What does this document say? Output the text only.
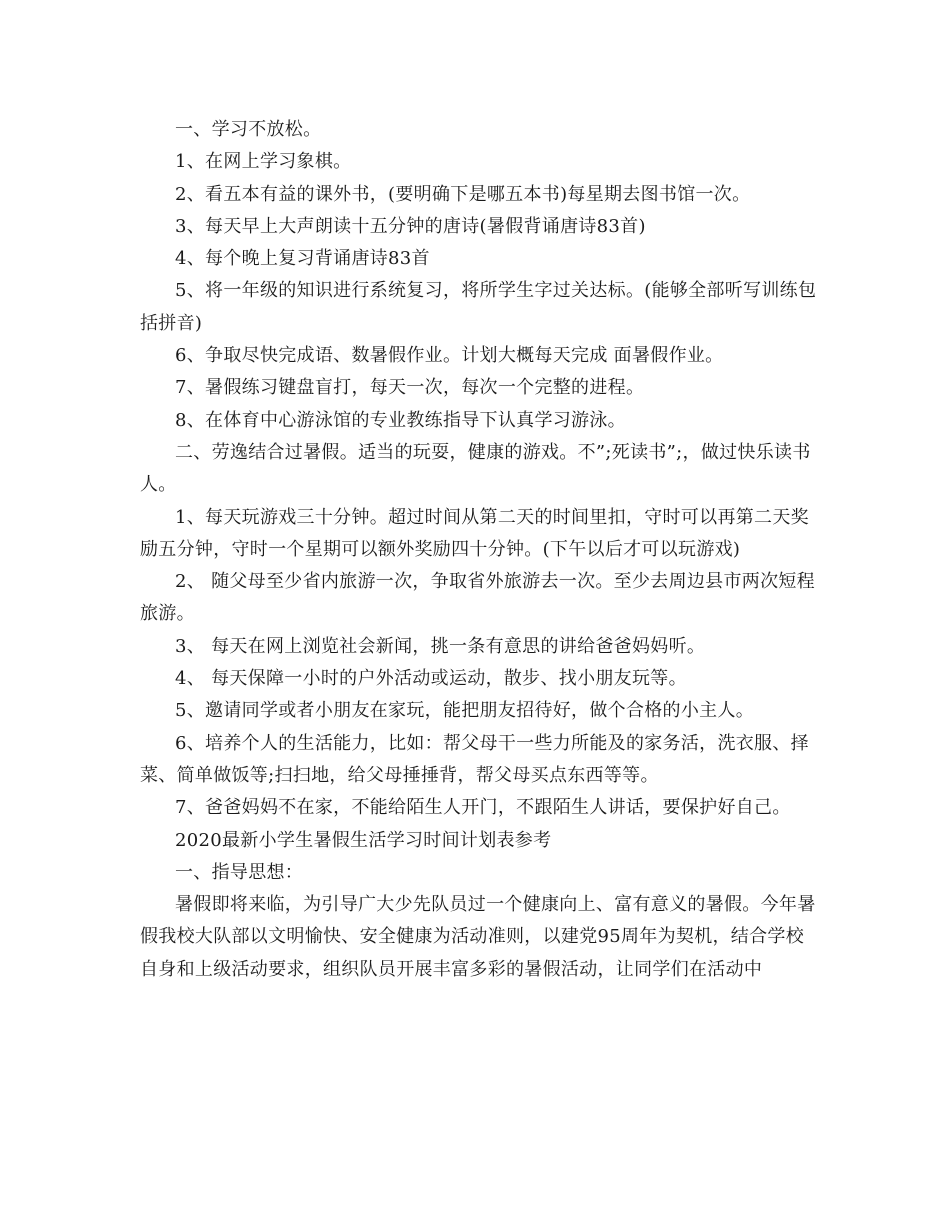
一、学习不放松。

1、在网上学习象棋。

2、看五本有益的课外书，(要明确下是哪五本书)每星期去图书馆一次。

3、每天早上大声朗读十五分钟的唐诗(暑假背诵唐诗83首)

4、每个晚上复习背诵唐诗83首

5、将一年级的知识进行系统复习，将所学生字过关达标。(能够全部听写训练包括拼音)

6、争取尽快完成语、数暑假作业。计划大概每天完成 面暑假作业。

7、暑假练习键盘盲打，每天一次，每次一个完整的进程。

8、在体育中心游泳馆的专业教练指导下认真学习游泳。

二、劳逸结合过暑假。适当的玩耍，健康的游戏。不”;死读书”;，做过快乐读书人。

1、每天玩游戏三十分钟。超过时间从第二天的时间里扣，守时可以再第二天奖励五分钟，守时一个星期可以额外奖励四十分钟。(下午以后才可以玩游戏)

2、 随父母至少省内旅游一次，争取省外旅游去一次。至少去周边县市两次短程旅游。

3、 每天在网上浏览社会新闻，挑一条有意思的讲给爸爸妈妈听。

4、 每天保障一小时的户外活动或运动，散步、找小朋友玩等。

5、邀请同学或者小朋友在家玩，能把朋友招待好，做个合格的小主人。

6、培养个人的生活能力，比如：帮父母干一些力所能及的家务活，洗衣服、择菜、简单做饭等;扫扫地，给父母捶捶背，帮父母买点东西等等。

7、爸爸妈妈不在家，不能给陌生人开门，不跟陌生人讲话，要保护好自己。

2020最新小学生暑假生活学习时间计划表参考

一、指导思想：

暑假即将来临，为引导广大少先队员过一个健康向上、富有意义的暑假。今年暑假我校大队部以文明愉快、安全健康为活动准则，以建党95周年为契机，结合学校自身和上级活动要求，组织队员开展丰富多彩的暑假活动，让同学们在活动中
